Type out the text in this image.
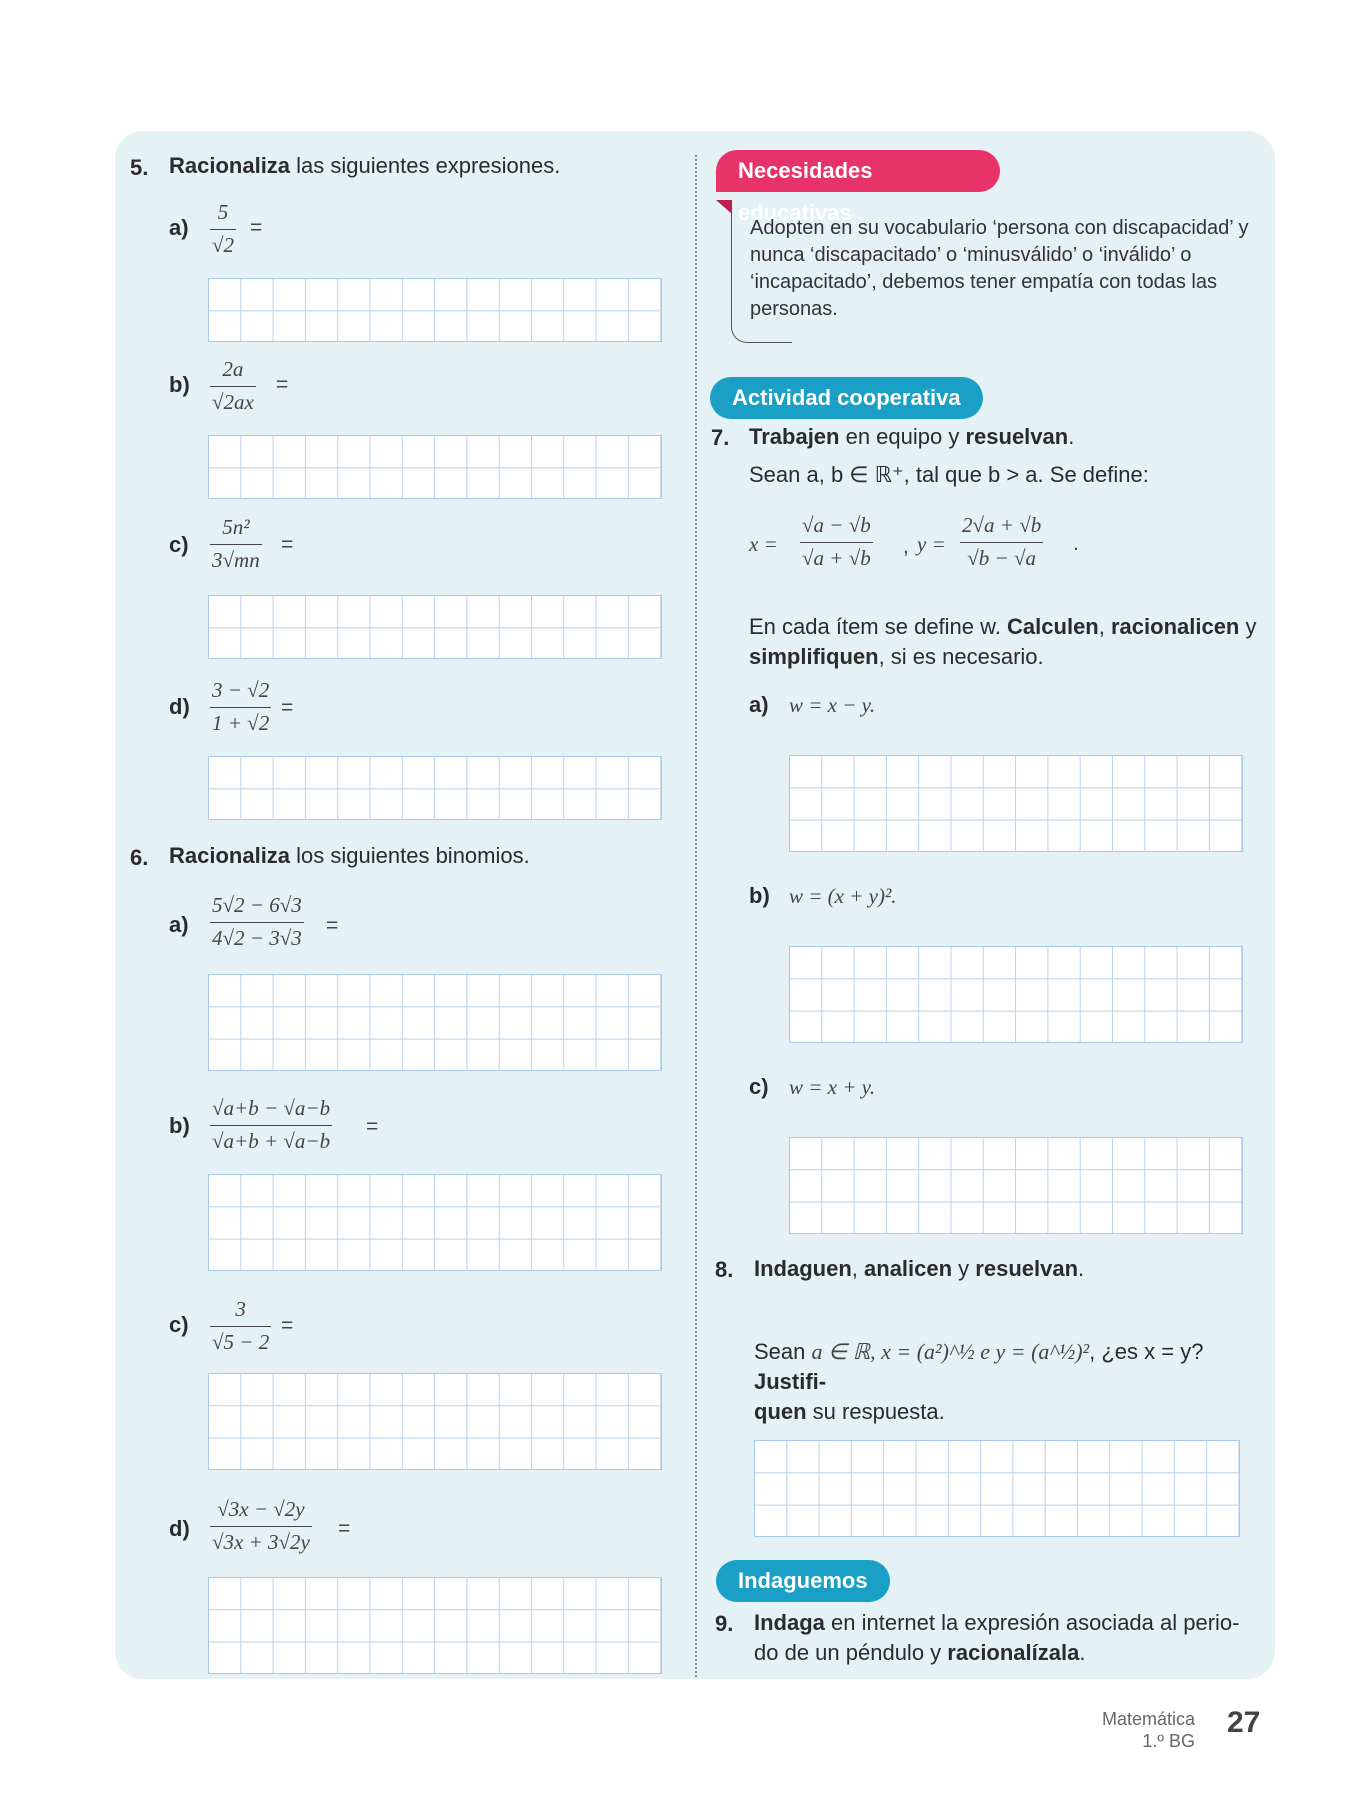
5. Racionaliza las siguientes expresiones.
a)
5
√2
=
b)
2a
√2ax
=
c)
5n²
3√mn
=
d)
3 − √2
1 + √2
=
6. Racionaliza los siguientes binomios.
a)
5√2 − 6√3
4√2 − 3√3
=
b)
√a+b − √a−b
√a+b + √a−b
=
c)
3
√5 − 2
=
d)
√3x − √2y
√3x + 3√2y
=
Necesidades educativas
Adopten en su vocabulario ‘persona con discapacidad’ y nunca ‘discapacitado’ o ‘minusválido’ o ‘inválido’ o ‘incapacitado’, debemos tener empatía con todas las personas.
Actividad cooperativa
7. Trabajen en equipo y resuelvan.
Sean a, b ∈ ℝ⁺, tal que b > a. Se define:
x =
√a − √b
√a + √b , y =
2√a + √b
√b − √a
.
En cada ítem se define w. Calculen, racionalicen y simplifiquen, si es necesario.
a) w = x − y.
b) w = (x + y)².
c) w = x + y.
8. Indaguen, analicen y resuelvan.
Sean a ∈ ℝ, x = (a²)^½ e y = (a^½)², ¿es x = y? Justifi-
quen su respuesta.
Indaguemos
9. Indaga en internet la expresión asociada al perio-
do de un péndulo y racionalízala.
Matemática
1.º BG
27
